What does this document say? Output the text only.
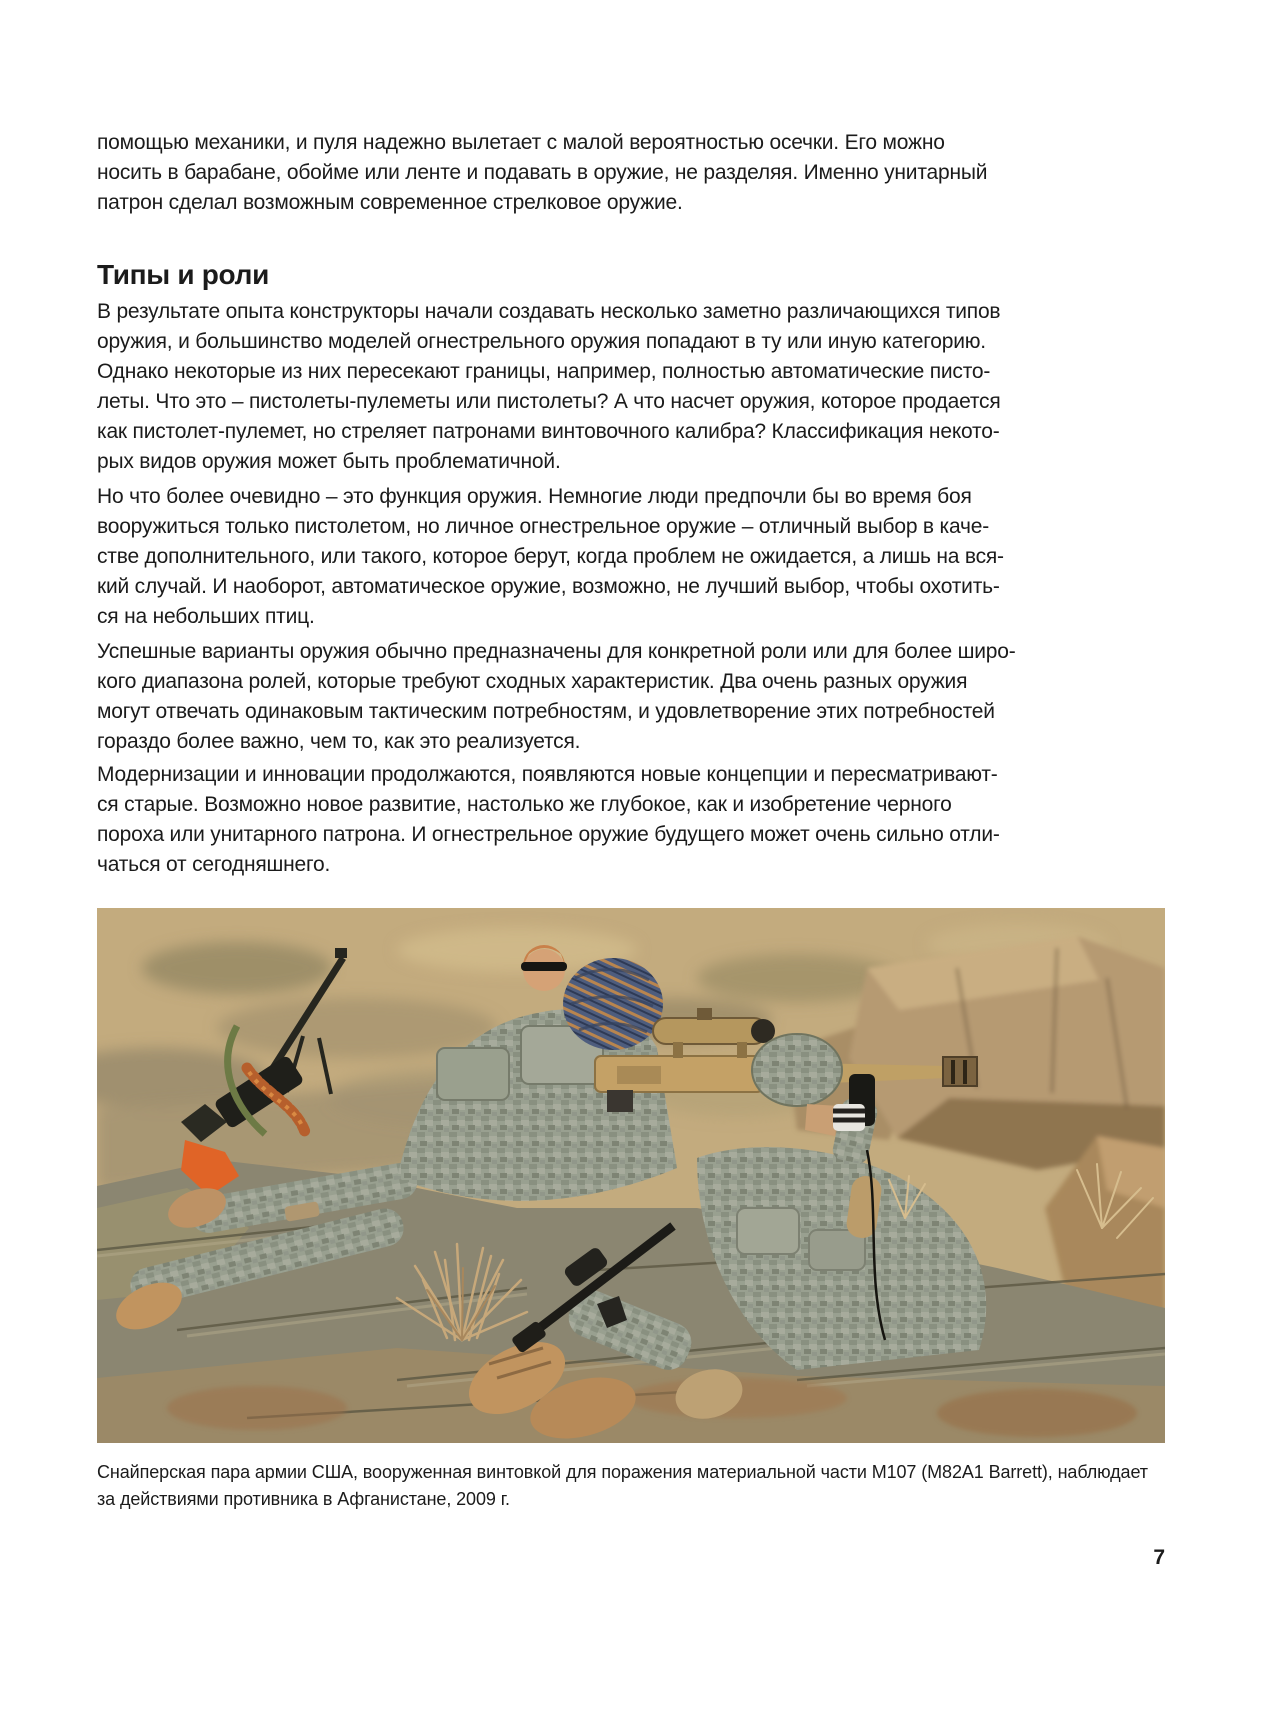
помощью механики, и пуля надежно вылетает с малой вероятностью осечки. Его можно
носить в барабане, обойме или ленте и подавать в оружие, не разделяя. Именно унитарный
патрон сделал возможным современное стрелковое оружие.
Типы и роли
В результате опыта конструкторы начали создавать несколько заметно различающихся типов
оружия, и большинство моделей огнестрельного оружия попадают в ту или иную категорию.
Однако некоторые из них пересекают границы, например, полностью автоматические писто-
леты. Что это – пистолеты-пулеметы или пистолеты? А что насчет оружия, которое продается
как пистолет-пулемет, но стреляет патронами винтовочного калибра? Классификация некото-
рых видов оружия может быть проблематичной.
Но что более очевидно – это функция оружия. Немногие люди предпочли бы во время боя
вооружиться только пистолетом, но личное огнестрельное оружие – отличный выбор в каче-
стве дополнительного, или такого, которое берут, когда проблем не ожидается, а лишь на вся-
кий случай. И наоборот, автоматическое оружие, возможно, не лучший выбор, чтобы охотить-
ся на небольших птиц.
Успешные варианты оружия обычно предназначены для конкретной роли или для более широ-
кого диапазона ролей, которые требуют сходных характеристик. Два очень разных оружия
могут отвечать одинаковым тактическим потребностям, и удовлетворение этих потребностей
гораздо более важно, чем то, как это реализуется.
Модернизации и инновации продолжаются, появляются новые концепции и пересматривают-
ся старые. Возможно новое развитие, настолько же глубокое, как и изобретение черного
пороха или унитарного патрона. И огнестрельное оружие будущего может очень сильно отли-
чаться от сегодняшнего.
Снайперская пара армии США, вооруженная винтовкой для поражения материальной части M107 (M82A1 Barrett), наблюдает
за действиями противника в Афганистане, 2009 г.
7
